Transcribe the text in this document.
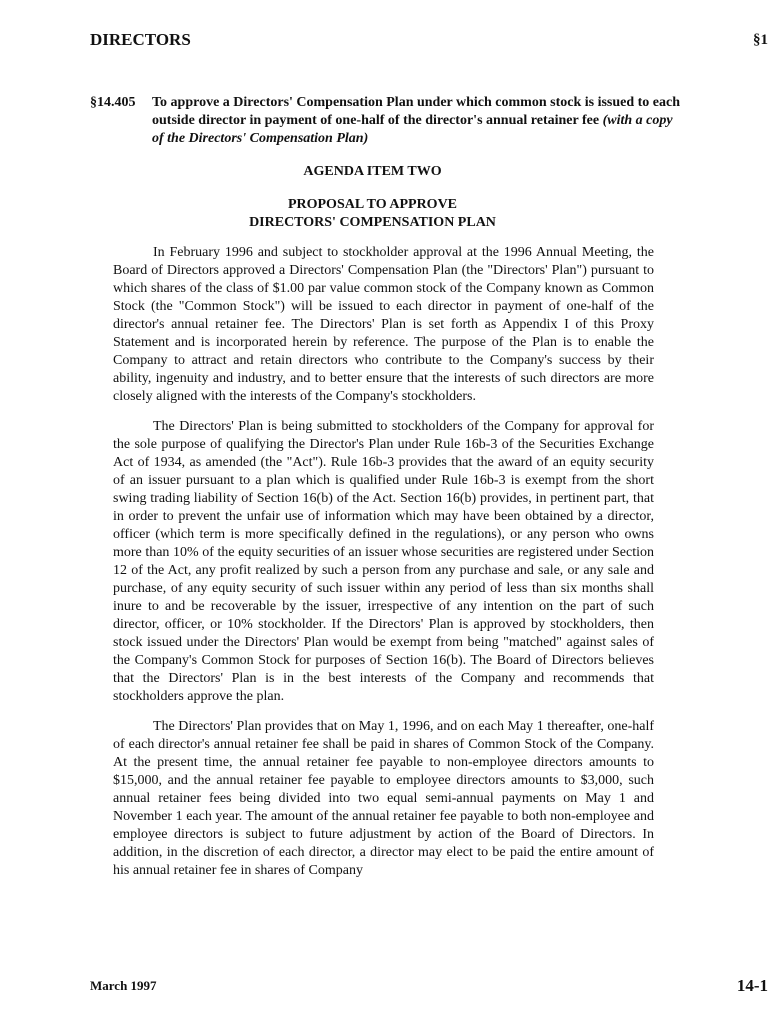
DIRECTORS	§1
§14.405 To approve a Directors' Compensation Plan under which common stock is issued to each outside director in payment of one-half of the director's annual retainer fee (with a copy of the Directors' Compensation Plan)
AGENDA ITEM TWO
PROPOSAL TO APPROVE
DIRECTORS' COMPENSATION PLAN

In February 1996 and subject to stockholder approval at the 1996 Annual Meeting, the Board of Directors approved a Directors' Compensation Plan (the "Directors' Plan") pursuant to which shares of the class of $1.00 par value common stock of the Company known as Common Stock (the "Common Stock") will be issued to each director in payment of one-half of the director's annual retainer fee. The Directors' Plan is set forth as Appendix I of this Proxy Statement and is incorporated herein by reference. The purpose of the Plan is to enable the Company to attract and retain directors who contribute to the Company's success by their ability, ingenuity and industry, and to better ensure that the interests of such directors are more closely aligned with the interests of the Company's stockholders.

The Directors' Plan is being submitted to stockholders of the Company for approval for the sole purpose of qualifying the Director's Plan under Rule 16b-3 of the Securities Exchange Act of 1934, as amended (the "Act"). Rule 16b-3 provides that the award of an equity security of an issuer pursuant to a plan which is qualified under Rule 16b-3 is exempt from the short swing trading liability of Section 16(b) of the Act. Section 16(b) provides, in pertinent part, that in order to prevent the unfair use of information which may have been obtained by a director, officer (which term is more specifically defined in the regulations), or any person who owns more than 10% of the equity securities of an issuer whose securities are registered under Section 12 of the Act, any profit realized by such a person from any purchase and sale, or any sale and purchase, of any equity security of such issuer within any period of less than six months shall inure to and be recoverable by the issuer, irrespective of any intention on the part of such director, officer, or 10% stockholder. If the Directors' Plan is approved by stockholders, then stock issued under the Directors' Plan would be exempt from being "matched" against sales of the Company's Common Stock for purposes of Section 16(b). The Board of Directors believes that the Directors' Plan is in the best interests of the Company and recommends that stockholders approve the plan.

The Directors' Plan provides that on May 1, 1996, and on each May 1 thereafter, one-half of each director's annual retainer fee shall be paid in shares of Common Stock of the Company. At the present time, the annual retainer fee payable to non-employee directors amounts to $15,000, and the annual retainer fee payable to employee directors amounts to $3,000, such annual retainer fees being divided into two equal semi-annual payments on May 1 and November 1 each year. The amount of the annual retainer fee payable to both non-employee and employee directors is subject to future adjustment by action of the Board of Directors. In addition, in the discretion of each director, a director may elect to be paid the entire amount of his annual retainer fee in shares of Company

March 1997	14-1
